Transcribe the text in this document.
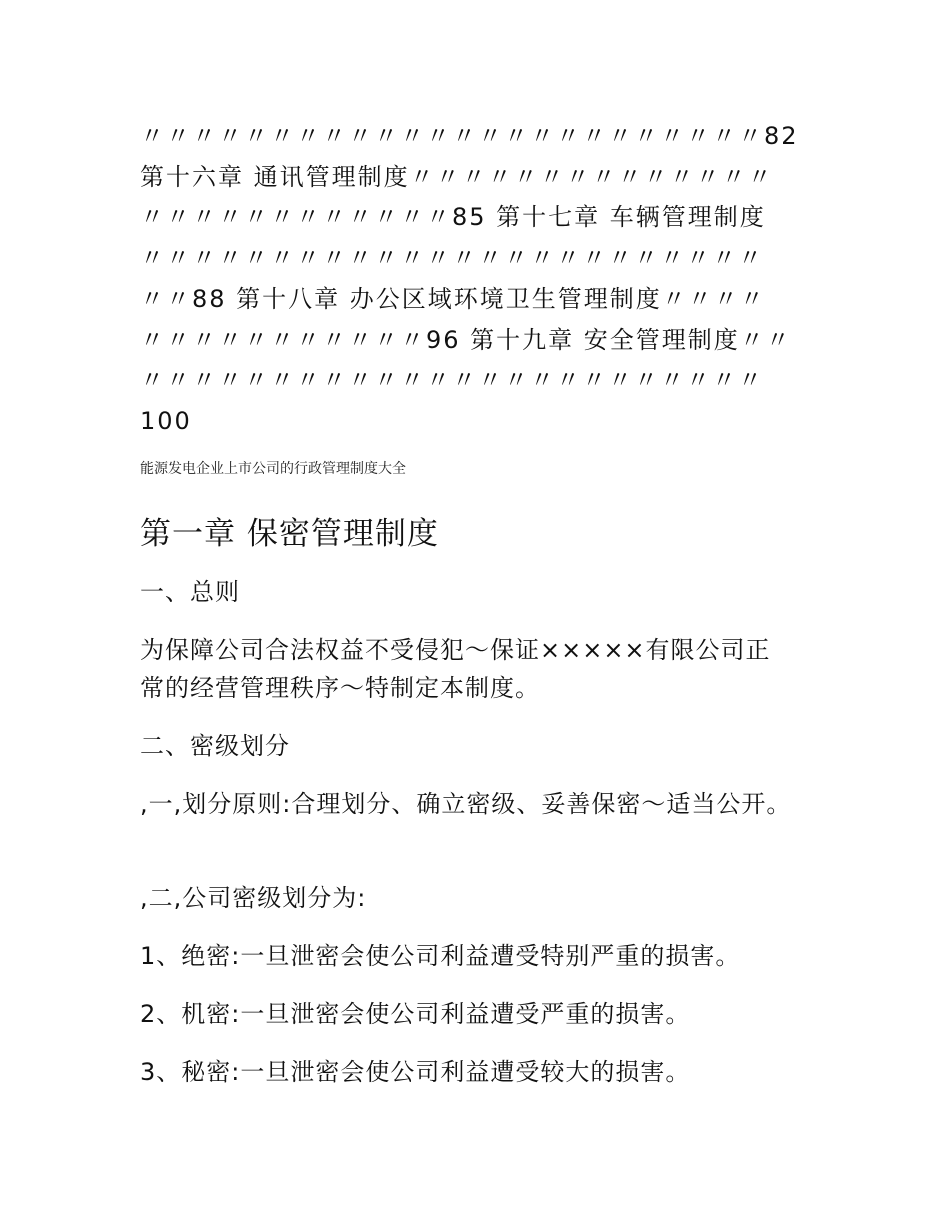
〃〃〃〃〃〃〃〃〃〃〃〃〃〃〃〃〃〃〃〃〃〃〃〃82

第十六章 通讯管理制度〃〃〃〃〃〃〃〃〃〃〃〃〃〃

〃〃〃〃〃〃〃〃〃〃〃〃85 第十七章 车辆管理制度

〃〃〃〃〃〃〃〃〃〃〃〃〃〃〃〃〃〃〃〃〃〃〃〃

〃〃88 第十八章 办公区域环境卫生管理制度〃〃〃〃

〃〃〃〃〃〃〃〃〃〃〃96 第十九章 安全管理制度〃〃

〃〃〃〃〃〃〃〃〃〃〃〃〃〃〃〃〃〃〃〃〃〃〃〃

100

能源发电企业上市公司的行政管理制度大全
第一章 保密管理制度
一、总则
为保障公司合法权益不受侵犯～保证×××××有限公司正
常的经营管理秩序～特制定本制度。
二、密级划分
,一,划分原则:合理划分、确立密级、妥善保密～适当公开。
,二,公司密级划分为:
1、绝密:一旦泄密会使公司利益遭受特别严重的损害。
2、机密:一旦泄密会使公司利益遭受严重的损害。
3、秘密:一旦泄密会使公司利益遭受较大的损害。
